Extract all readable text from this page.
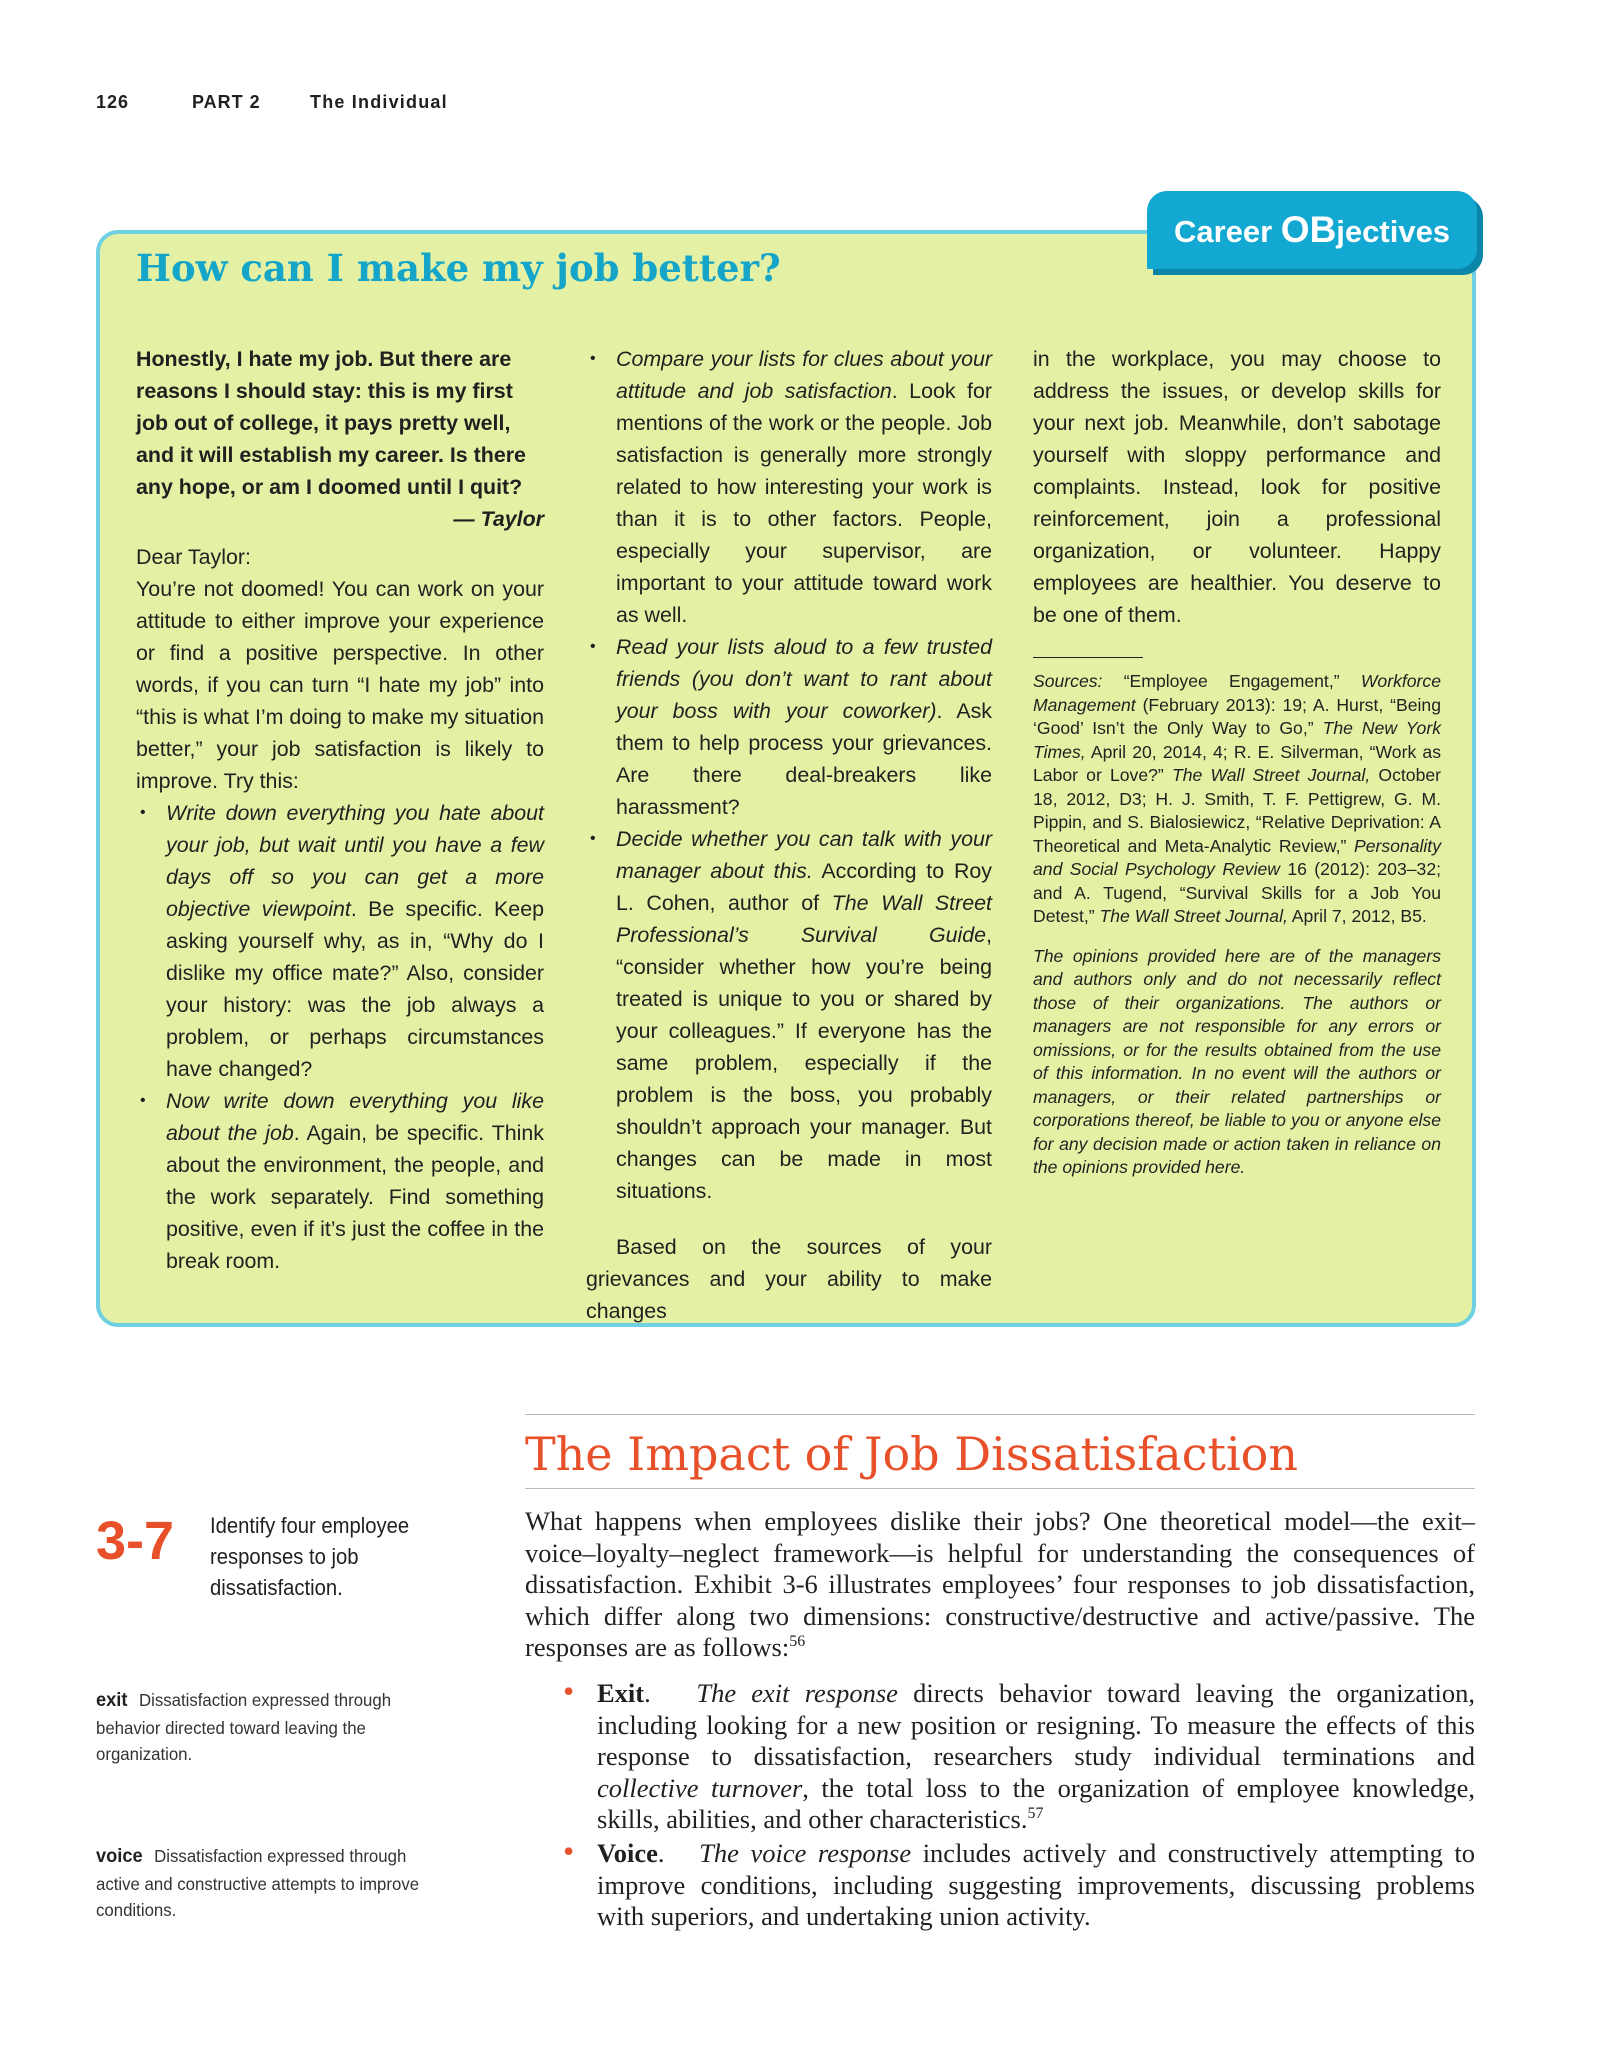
126	PART 2	The Individual
Career OBjectives
How can I make my job better?

Honestly, I hate my job. But there are reasons I should stay: this is my first job out of college, it pays pretty well, and it will establish my career. Is there any hope, or am I doomed until I quit?

— Taylor

Dear Taylor:

You’re not doomed! You can work on your attitude to either improve your experience or find a positive perspective. In other words, if you can turn “I hate my job” into “this is what I’m doing to make my situation better,” your job satisfaction is likely to improve. Try this:

• Write down everything you hate about your job, but wait until you have a few days off so you can get a more objective viewpoint. Be specific. Keep asking yourself why, as in, “Why do I dislike my office mate?” Also, consider your history: was the job always a problem, or perhaps circumstances have changed?
• Now write down everything you like about the job. Again, be specific. Think about the environment, the people, and the work separately. Find something positive, even if it’s just the coffee in the break room.
• Compare your lists for clues about your attitude and job satisfaction. Look for mentions of the work or the people. Job satisfaction is generally more strongly related to how interesting your work is than it is to other factors. People, especially your supervisor, are important to your attitude toward work as well.
• Read your lists aloud to a few trusted friends (you don’t want to rant about your boss with your coworker). Ask them to help process your grievances. Are there deal-breakers like harassment?
• Decide whether you can talk with your manager about this. According to Roy L. Cohen, author of The Wall Street Professional’s Survival Guide, “consider whether how you’re being treated is unique to you or shared by your colleagues.” If everyone has the same problem, especially if the problem is the boss, you probably shouldn’t approach your manager. But changes can be made in most situations.

Based on the sources of your grievances and your ability to make changes

in the workplace, you may choose to address the issues, or develop skills for your next job. Meanwhile, don’t sabotage yourself with sloppy performance and complaints. Instead, look for positive reinforcement, join a professional organization, or volunteer. Happy employees are healthier. You deserve to be one of them.

Sources: “Employee Engagement,” Workforce Management (February 2013): 19; A. Hurst, “Being ‘Good’ Isn’t the Only Way to Go,” The New York Times, April 20, 2014, 4; R. E. Silverman, “Work as Labor or Love?” The Wall Street Journal, October 18, 2012, D3; H. J. Smith, T. F. Pettigrew, G. M. Pippin, and S. Bialosiewicz, “Relative Deprivation: A Theoretical and Meta-Analytic Review,” Personality and Social Psychology Review 16 (2012): 203–32; and A. Tugend, “Survival Skills for a Job You Detest,” The Wall Street Journal, April 7, 2012, B5.

The opinions provided here are of the managers and authors only and do not necessarily reflect those of their organizations. The authors or managers are not responsible for any errors or omissions, or for the results obtained from the use of this information. In no event will the authors or managers, or their related partnerships or corporations thereof, be liable to you or anyone else for any decision made or action taken in reliance on the opinions provided here.

The Impact of Job Dissatisfaction
3-7 Identify four employee responses to job dissatisfaction.
exit Dissatisfaction expressed through behavior directed toward leaving the organization.
voice Dissatisfaction expressed through active and constructive attempts to improve conditions.

What happens when employees dislike their jobs? One theoretical model—the exit–voice–loyalty–neglect framework—is helpful for understanding the consequences of dissatisfaction. Exhibit 3-6 illustrates employees’ four responses to job dissatisfaction, which differ along two dimensions: constructive/destructive and active/passive. The responses are as follows:$^{56}$

• Exit.   The exit response directs behavior toward leaving the organization, including looking for a new position or resigning. To measure the effects of this response to dissatisfaction, researchers study individual terminations and collective turnover, the total loss to the organization of employee knowledge, skills, abilities, and other characteristics.$^{57}$
• Voice.   The voice response includes actively and constructively attempting to improve conditions, including suggesting improvements, discussing problems with superiors, and undertaking union activity.
